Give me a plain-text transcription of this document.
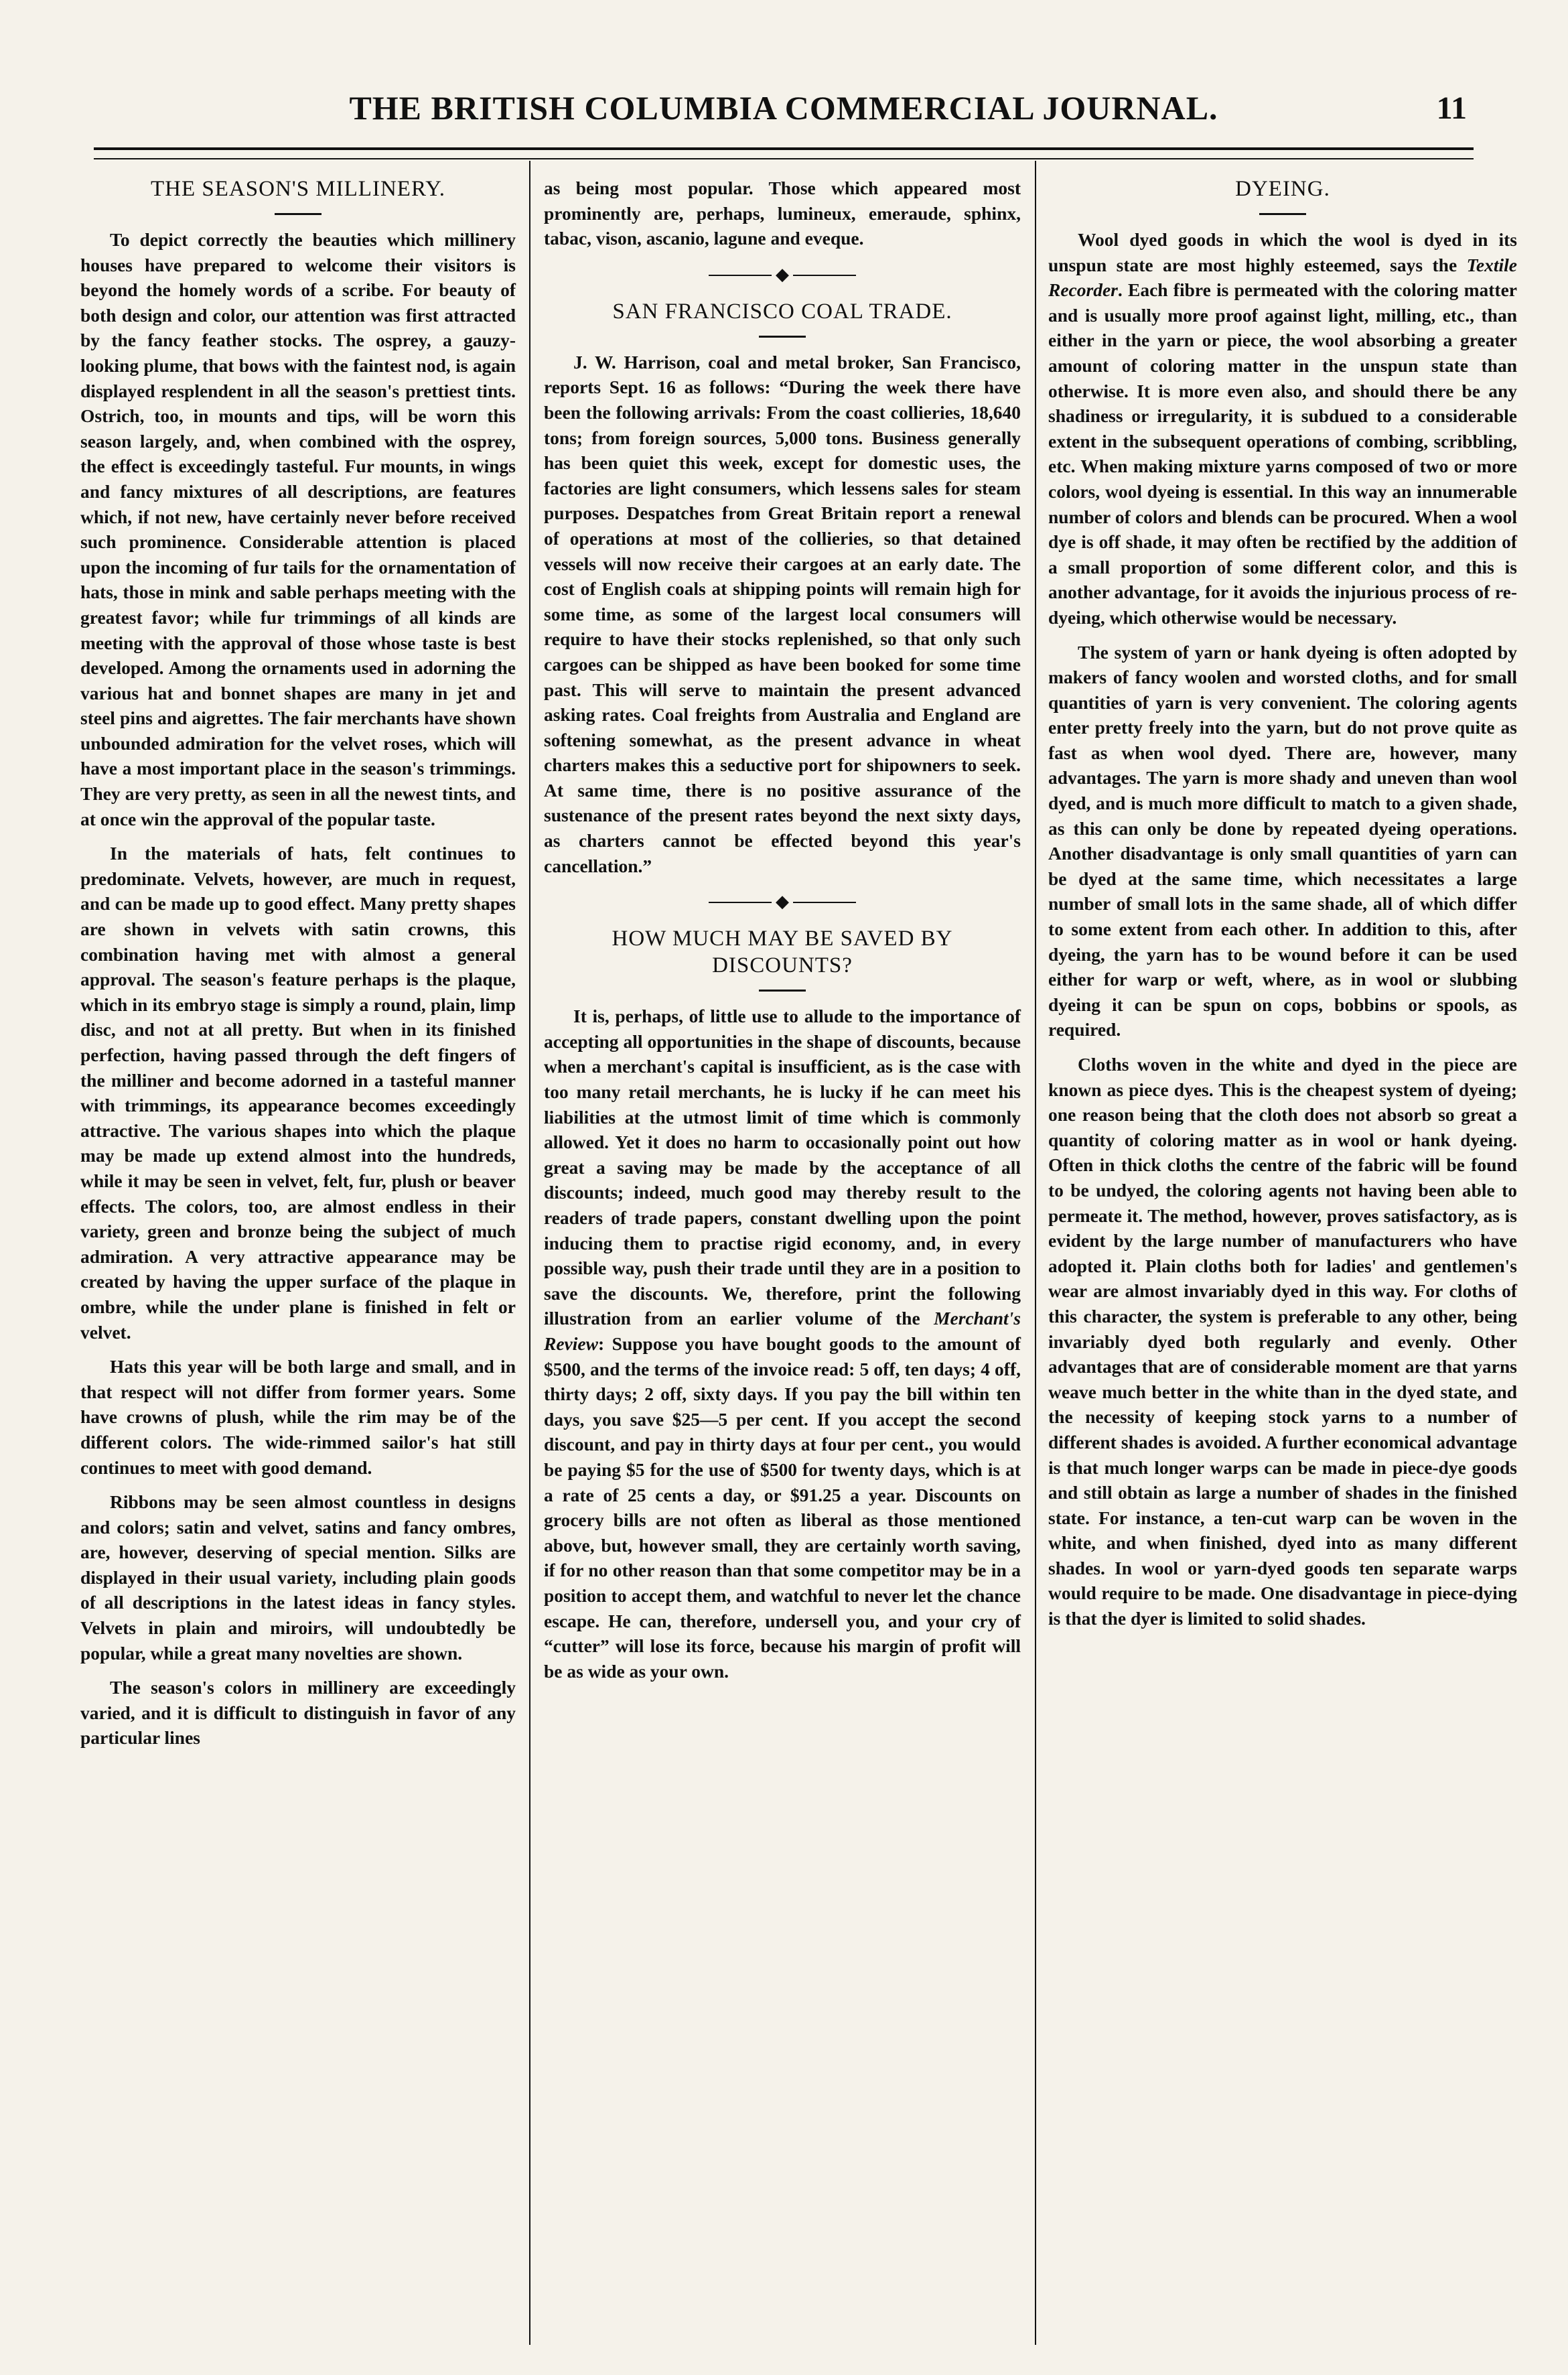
THE BRITISH COLUMBIA COMMERCIAL JOURNAL.	11
THE SEASON'S MILLINERY.

To depict correctly the beauties which millinery houses have prepared to welcome their visitors is beyond the homely words of a scribe. For beauty of both design and color, our attention was first attracted by the fancy feather stocks. The osprey, a gauzy-looking plume, that bows with the faintest nod, is again displayed resplendent in all the season's prettiest tints. Ostrich, too, in mounts and tips, will be worn this season largely, and, when combined with the osprey, the effect is exceedingly tasteful. Fur mounts, in wings and fancy mixtures of all descriptions, are features which, if not new, have certainly never before received such prominence. Considerable attention is placed upon the incoming of fur tails for the ornamentation of hats, those in mink and sable perhaps meeting with the greatest favor; while fur trimmings of all kinds are meeting with the approval of those whose taste is best developed. Among the ornaments used in adorning the various hat and bonnet shapes are many in jet and steel pins and aigrettes. The fair merchants have shown unbounded admiration for the velvet roses, which will have a most important place in the season's trimmings. They are very pretty, as seen in all the newest tints, and at once win the approval of the popular taste.

In the materials of hats, felt continues to predominate. Velvets, however, are much in request, and can be made up to good effect. Many pretty shapes are shown in velvets with satin crowns, this combination having met with almost a general approval. The season's feature perhaps is the plaque, which in its embryo stage is simply a round, plain, limp disc, and not at all pretty. But when in its finished perfection, having passed through the deft fingers of the milliner and become adorned in a tasteful manner with trimmings, its appearance becomes exceedingly attractive. The various shapes into which the plaque may be made up extend almost into the hundreds, while it may be seen in velvet, felt, fur, plush or beaver effects. The colors, too, are almost endless in their variety, green and bronze being the subject of much admiration. A very attractive appearance may be created by having the upper surface of the plaque in ombre, while the under plane is finished in felt or velvet.

Hats this year will be both large and small, and in that respect will not differ from former years. Some have crowns of plush, while the rim may be of the different colors. The wide-rimmed sailor's hat still continues to meet with good demand.

Ribbons may be seen almost countless in designs and colors; satin and velvet, satins and fancy ombres, are, however, deserving of special mention. Silks are displayed in their usual variety, including plain goods of all descriptions in the latest ideas in fancy styles. Velvets in plain and miroirs, will undoubtedly be popular, while a great many novelties are shown.

The season's colors in millinery are exceedingly varied, and it is difficult to distinguish in favor of any particular lines

as being most popular. Those which appeared most prominently are, perhaps, lumineux, emeraude, sphinx, tabac, vison, ascanio, lagune and eveque.

◆
SAN FRANCISCO COAL TRADE.

J. W. Harrison, coal and metal broker, San Francisco, reports Sept. 16 as follows: “During the week there have been the following arrivals: From the coast collieries, 18,640 tons; from foreign sources, 5,000 tons. Business generally has been quiet this week, except for domestic uses, the factories are light consumers, which lessens sales for steam purposes. Despatches from Great Britain report a renewal of operations at most of the collieries, so that detained vessels will now receive their cargoes at an early date. The cost of English coals at shipping points will remain high for some time, as some of the largest local consumers will require to have their stocks replenished, so that only such cargoes can be shipped as have been booked for some time past. This will serve to maintain the present advanced asking rates. Coal freights from Australia and England are softening somewhat, as the present advance in wheat charters makes this a seductive port for shipowners to seek. At same time, there is no positive assurance of the sustenance of the present rates beyond the next sixty days, as charters cannot be effected beyond this year's cancellation.”

◆
HOW MUCH MAY BE SAVED BY DISCOUNTS?

It is, perhaps, of little use to allude to the importance of accepting all opportunities in the shape of discounts, because when a merchant's capital is insufficient, as is the case with too many retail merchants, he is lucky if he can meet his liabilities at the utmost limit of time which is commonly allowed. Yet it does no harm to occasionally point out how great a saving may be made by the acceptance of all discounts; indeed, much good may thereby result to the readers of trade papers, constant dwelling upon the point inducing them to practise rigid economy, and, in every possible way, push their trade until they are in a position to save the discounts. We, therefore, print the following illustration from an earlier volume of the Merchant's Review: Suppose you have bought goods to the amount of $500, and the terms of the invoice read: 5 off, ten days; 4 off, thirty days; 2 off, sixty days. If you pay the bill within ten days, you save $25—5 per cent. If you accept the second discount, and pay in thirty days at four per cent., you would be paying $5 for the use of $500 for twenty days, which is at a rate of 25 cents a day, or $91.25 a year. Discounts on grocery bills are not often as liberal as those mentioned above, but, however small, they are certainly worth saving, if for no other reason than that some competitor may be in a position to accept them, and watchful to never let the chance escape. He can, therefore, undersell you, and your cry of “cutter” will lose its force, because his margin of profit will be as wide as your own.

DYEING.

Wool dyed goods in which the wool is dyed in its unspun state are most highly esteemed, says the Textile Recorder. Each fibre is permeated with the coloring matter and is usually more proof against light, milling, etc., than either in the yarn or piece, the wool absorbing a greater amount of coloring matter in the unspun state than otherwise. It is more even also, and should there be any shadiness or irregularity, it is subdued to a considerable extent in the subsequent operations of combing, scribbling, etc. When making mixture yarns composed of two or more colors, wool dyeing is essential. In this way an innumerable number of colors and blends can be procured. When a wool dye is off shade, it may often be rectified by the addition of a small proportion of some different color, and this is another advantage, for it avoids the injurious process of re-dyeing, which otherwise would be necessary.

The system of yarn or hank dyeing is often adopted by makers of fancy woolen and worsted cloths, and for small quantities of yarn is very convenient. The coloring agents enter pretty freely into the yarn, but do not prove quite as fast as when wool dyed. There are, however, many advantages. The yarn is more shady and uneven than wool dyed, and is much more difficult to match to a given shade, as this can only be done by repeated dyeing operations. Another disadvantage is only small quantities of yarn can be dyed at the same time, which necessitates a large number of small lots in the same shade, all of which differ to some extent from each other. In addition to this, after dyeing, the yarn has to be wound before it can be used either for warp or weft, where, as in wool or slubbing dyeing it can be spun on cops, bobbins or spools, as required.

Cloths woven in the white and dyed in the piece are known as piece dyes. This is the cheapest system of dyeing; one reason being that the cloth does not absorb so great a quantity of coloring matter as in wool or hank dyeing. Often in thick cloths the centre of the fabric will be found to be undyed, the coloring agents not having been able to permeate it. The method, however, proves satisfactory, as is evident by the large number of manufacturers who have adopted it. Plain cloths both for ladies' and gentlemen's wear are almost invariably dyed in this way. For cloths of this character, the system is preferable to any other, being invariably dyed both regularly and evenly. Other advantages that are of considerable moment are that yarns weave much better in the white than in the dyed state, and the necessity of keeping stock yarns to a number of different shades is avoided. A further economical advantage is that much longer warps can be made in piece-dye goods and still obtain as large a number of shades in the finished state. For instance, a ten-cut warp can be woven in the white, and when finished, dyed into as many different shades. In wool or yarn-dyed goods ten separate warps would require to be made. One disadvantage in piece-dying is that the dyer is limited to solid shades.
